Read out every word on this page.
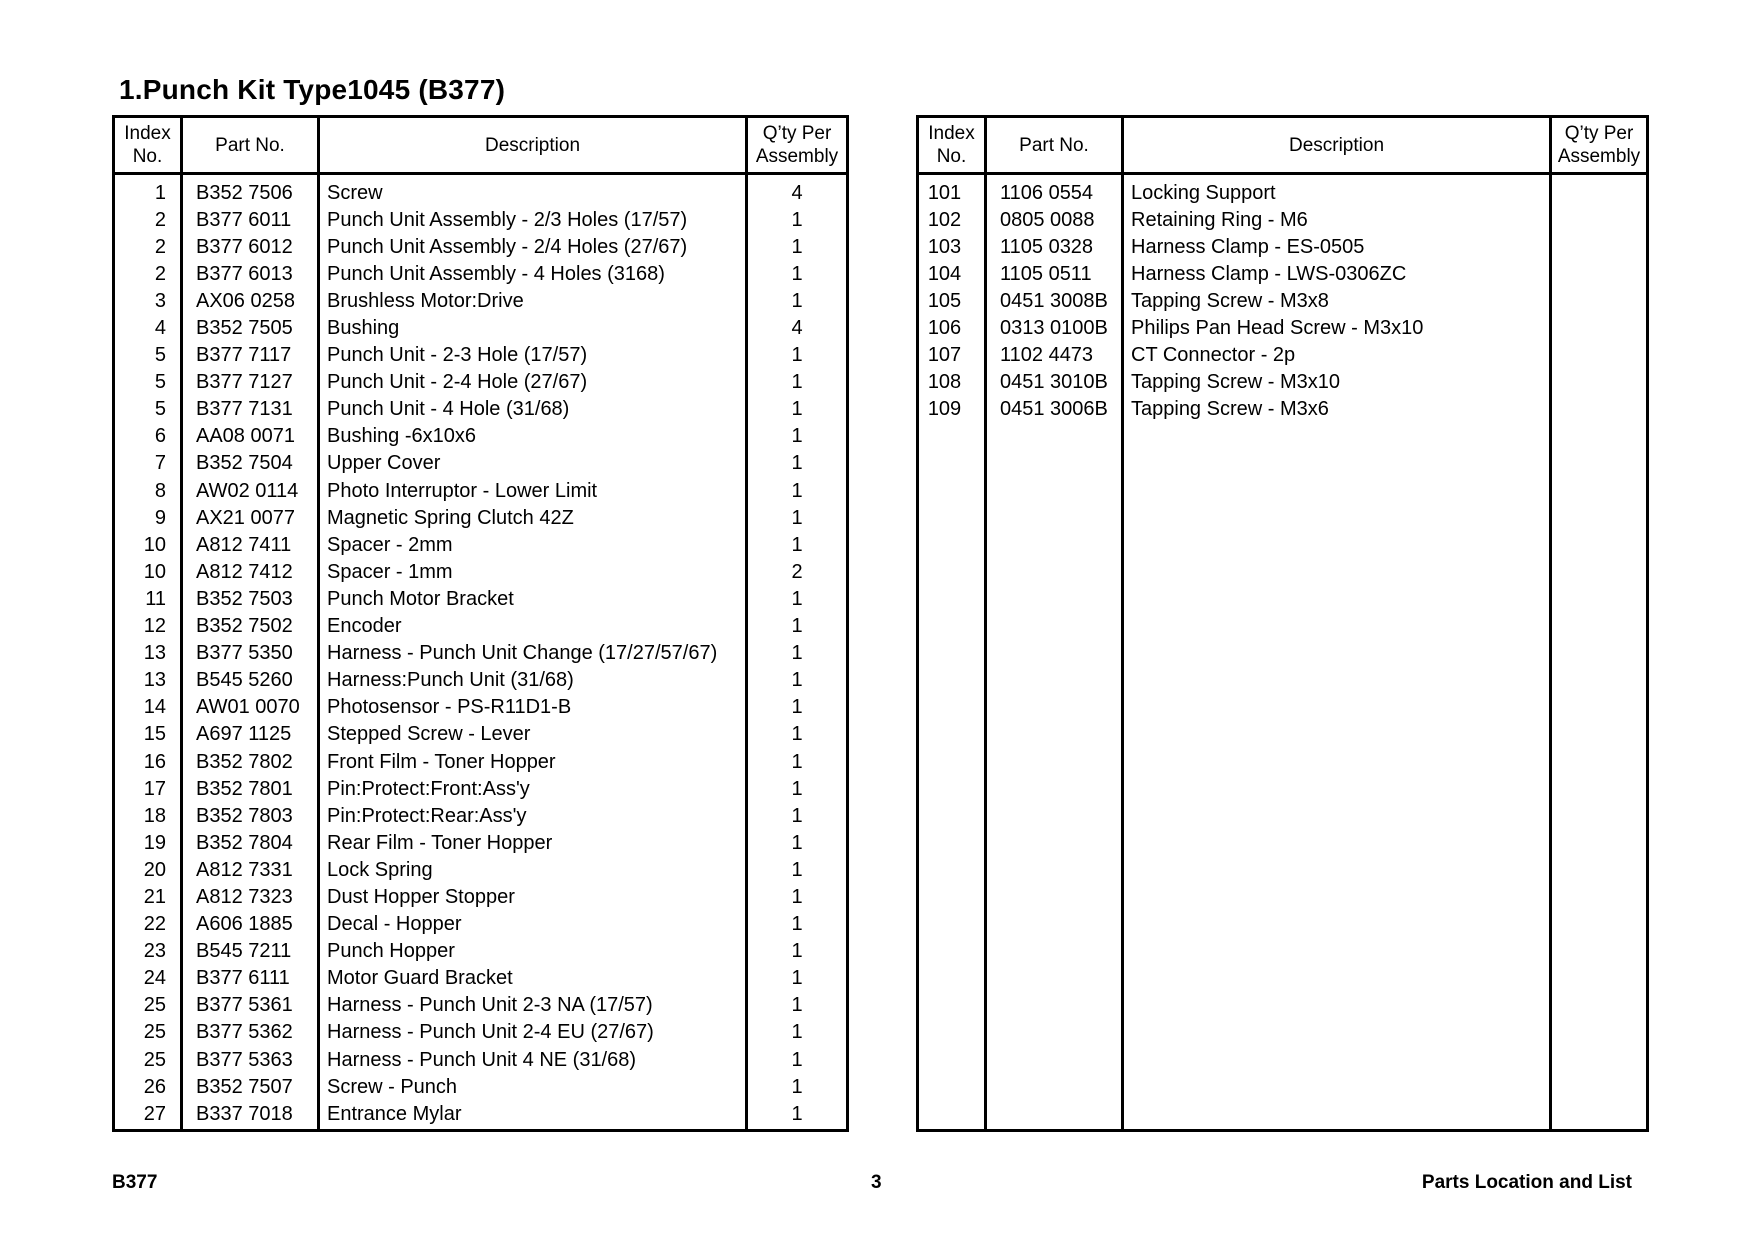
1.Punch Kit Type1045 (B377)
Index
No.	Part No.	Description	Q’ty Per
Assembly
1	B352 7506	Screw	4
2	B377 6011	Punch Unit Assembly - 2/3 Holes (17/57)	1
2	B377 6012	Punch Unit Assembly - 2/4 Holes (27/67)	1
2	B377 6013	Punch Unit Assembly - 4 Holes (3168)	1
3	AX06 0258	Brushless Motor:Drive	1
4	B352 7505	Bushing	4
5	B377 7117	Punch Unit - 2-3 Hole (17/57)	1
5	B377 7127	Punch Unit - 2-4 Hole (27/67)	1
5	B377 7131	Punch Unit - 4 Hole (31/68)	1
6	AA08 0071	Bushing -6x10x6	1
7	B352 7504	Upper Cover	1
8	AW02 0114	Photo Interruptor - Lower Limit	1
9	AX21 0077	Magnetic Spring Clutch 42Z	1
10	A812 7411	Spacer - 2mm	1
10	A812 7412	Spacer - 1mm	2
11	B352 7503	Punch Motor Bracket	1
12	B352 7502	Encoder	1
13	B377 5350	Harness - Punch Unit Change (17/27/57/67)	1
13	B545 5260	Harness:Punch Unit (31/68)	1
14	AW01 0070	Photosensor - PS-R11D1-B	1
15	A697 1125	Stepped Screw - Lever	1
16	B352 7802	Front Film - Toner Hopper	1
17	B352 7801	Pin:Protect:Front:Ass'y	1
18	B352 7803	Pin:Protect:Rear:Ass'y	1
19	B352 7804	Rear Film - Toner Hopper	1
20	A812 7331	Lock Spring	1
21	A812 7323	Dust Hopper Stopper	1
22	A606 1885	Decal - Hopper	1
23	B545 7211	Punch Hopper	1
24	B377 6111	Motor Guard Bracket	1
25	B377 5361	Harness - Punch Unit 2-3 NA (17/57)	1
25	B377 5362	Harness - Punch Unit 2-4 EU (27/67)	1
25	B377 5363	Harness - Punch Unit 4 NE (31/68)	1
26	B352 7507	Screw - Punch	1
27	B337 7018	Entrance Mylar	1
Index
No.	Part No.	Description	Q’ty Per
Assembly
101	1106 0554	Locking Support	
102	0805 0088	Retaining Ring - M6	
103	1105 0328	Harness Clamp - ES-0505	
104	1105 0511	Harness Clamp - LWS-0306ZC	
105	0451 3008B	Tapping Screw - M3x8	
106	0313 0100B	Philips Pan Head Screw - M3x10	
107	1102 4473	CT Connector - 2p	
108	0451 3010B	Tapping Screw - M3x10	
109	0451 3006B	Tapping Screw - M3x6	

B377	3	Parts Location and List
